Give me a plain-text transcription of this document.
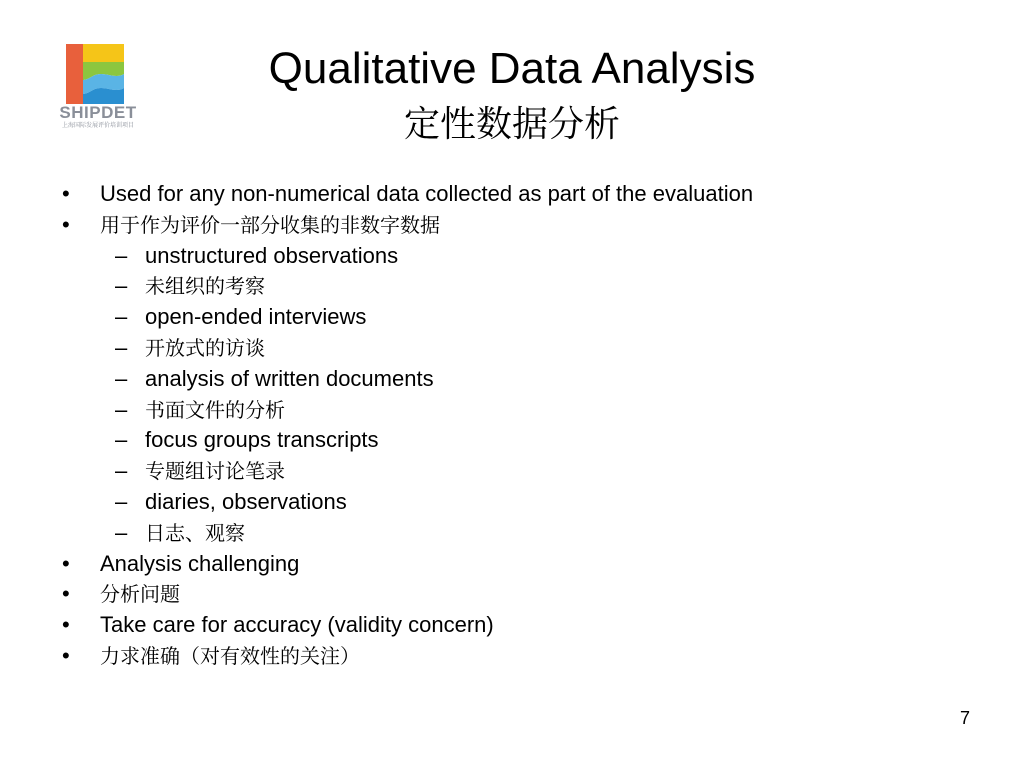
SHIPDET
上海国际发展评价培训项目
Qualitative Data Analysis
定性数据分析
• Used for any non-numerical data collected as part of the evaluation
• 用于作为评价一部分收集的非数字数据
– unstructured observations
– 未组织的考察
– open-ended interviews
– 开放式的访谈
– analysis of written documents
– 书面文件的分析
– focus groups transcripts
– 专题组讨论笔录
– diaries, observations
– 日志、观察
• Analysis challenging
• 分析问题
• Take care for accuracy (validity concern)
• 力求准确（对有效性的关注）
7
